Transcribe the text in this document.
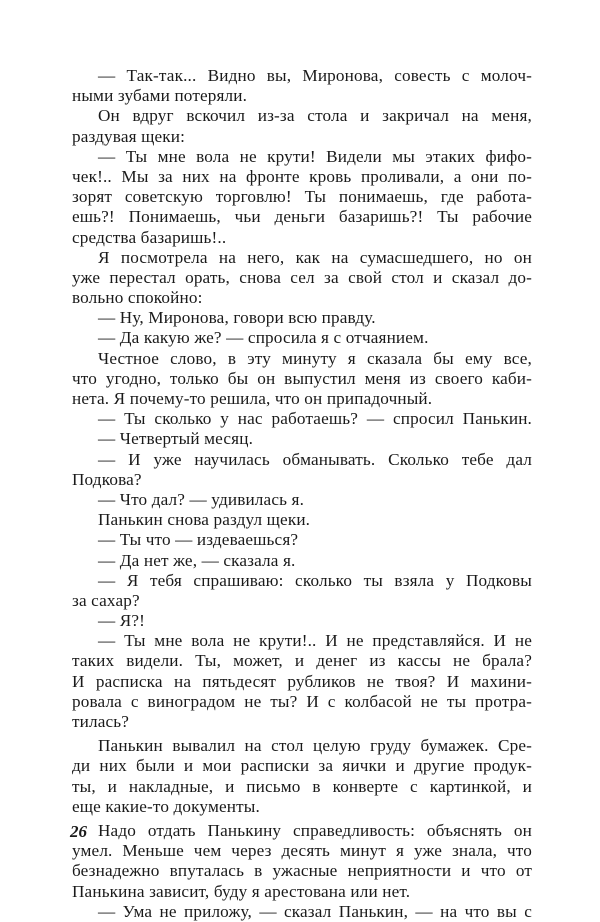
— Так-так... Видно вы, Миронова, совесть с молоч-
ными зубами потеряли.
Он вдруг вскочил из-за стола и закричал на меня,
раздувая щеки:
— Ты мне вола не крути! Видели мы этаких фифо-
чек!.. Мы за них на фронте кровь проливали, а они по-
зорят советскую торговлю! Ты понимаешь, где работа-
ешь?! Понимаешь, чьи деньги базаришь?! Ты рабочие
средства базаришь!..
Я посмотрела на него, как на сумасшедшего, но он
уже перестал орать, снова сел за свой стол и сказал до-
вольно спокойно:
— Ну, Миронова, говори всю правду.
— Да какую же? — спросила я с отчаянием.
Честное слово, в эту минуту я сказала бы ему все,
что угодно, только бы он выпустил меня из своего каби-
нета. Я почему-то решила, что он припадочный.
— Ты сколько у нас работаешь? — спросил Панькин.
— Четвертый месяц.
— И уже научилась обманывать. Сколько тебе дал
Подкова?
— Что дал? — удивилась я.
Панькин снова раздул щеки.
— Ты что — издеваешься?
— Да нет же, — сказала я.
— Я тебя спрашиваю: сколько ты взяла у Подковы
за сахар?
— Я?!
— Ты мне вола не крути!.. И не представляйся. И не
таких видели. Ты, может, и денег из кассы не брала?
И расписка на пятьдесят рубликов не твоя? И махини-
ровала с виноградом не ты? И с колбасой не ты протра-
тилась?
Панькин вывалил на стол целую груду бумажек. Сре-
ди них были и мои расписки за яички и другие продук-
ты, и накладные, и письмо в конверте с картинкой, и
еще какие-то документы.
Надо отдать Панькину справедливость: объяснять он
умел. Меньше чем через десять минут я уже знала, что
безнадежно впуталась в ужасные неприятности и что от
Панькина зависит, буду я арестована или нет.
— Ума не приложу, — сказал Панькин, — на что вы с
26
